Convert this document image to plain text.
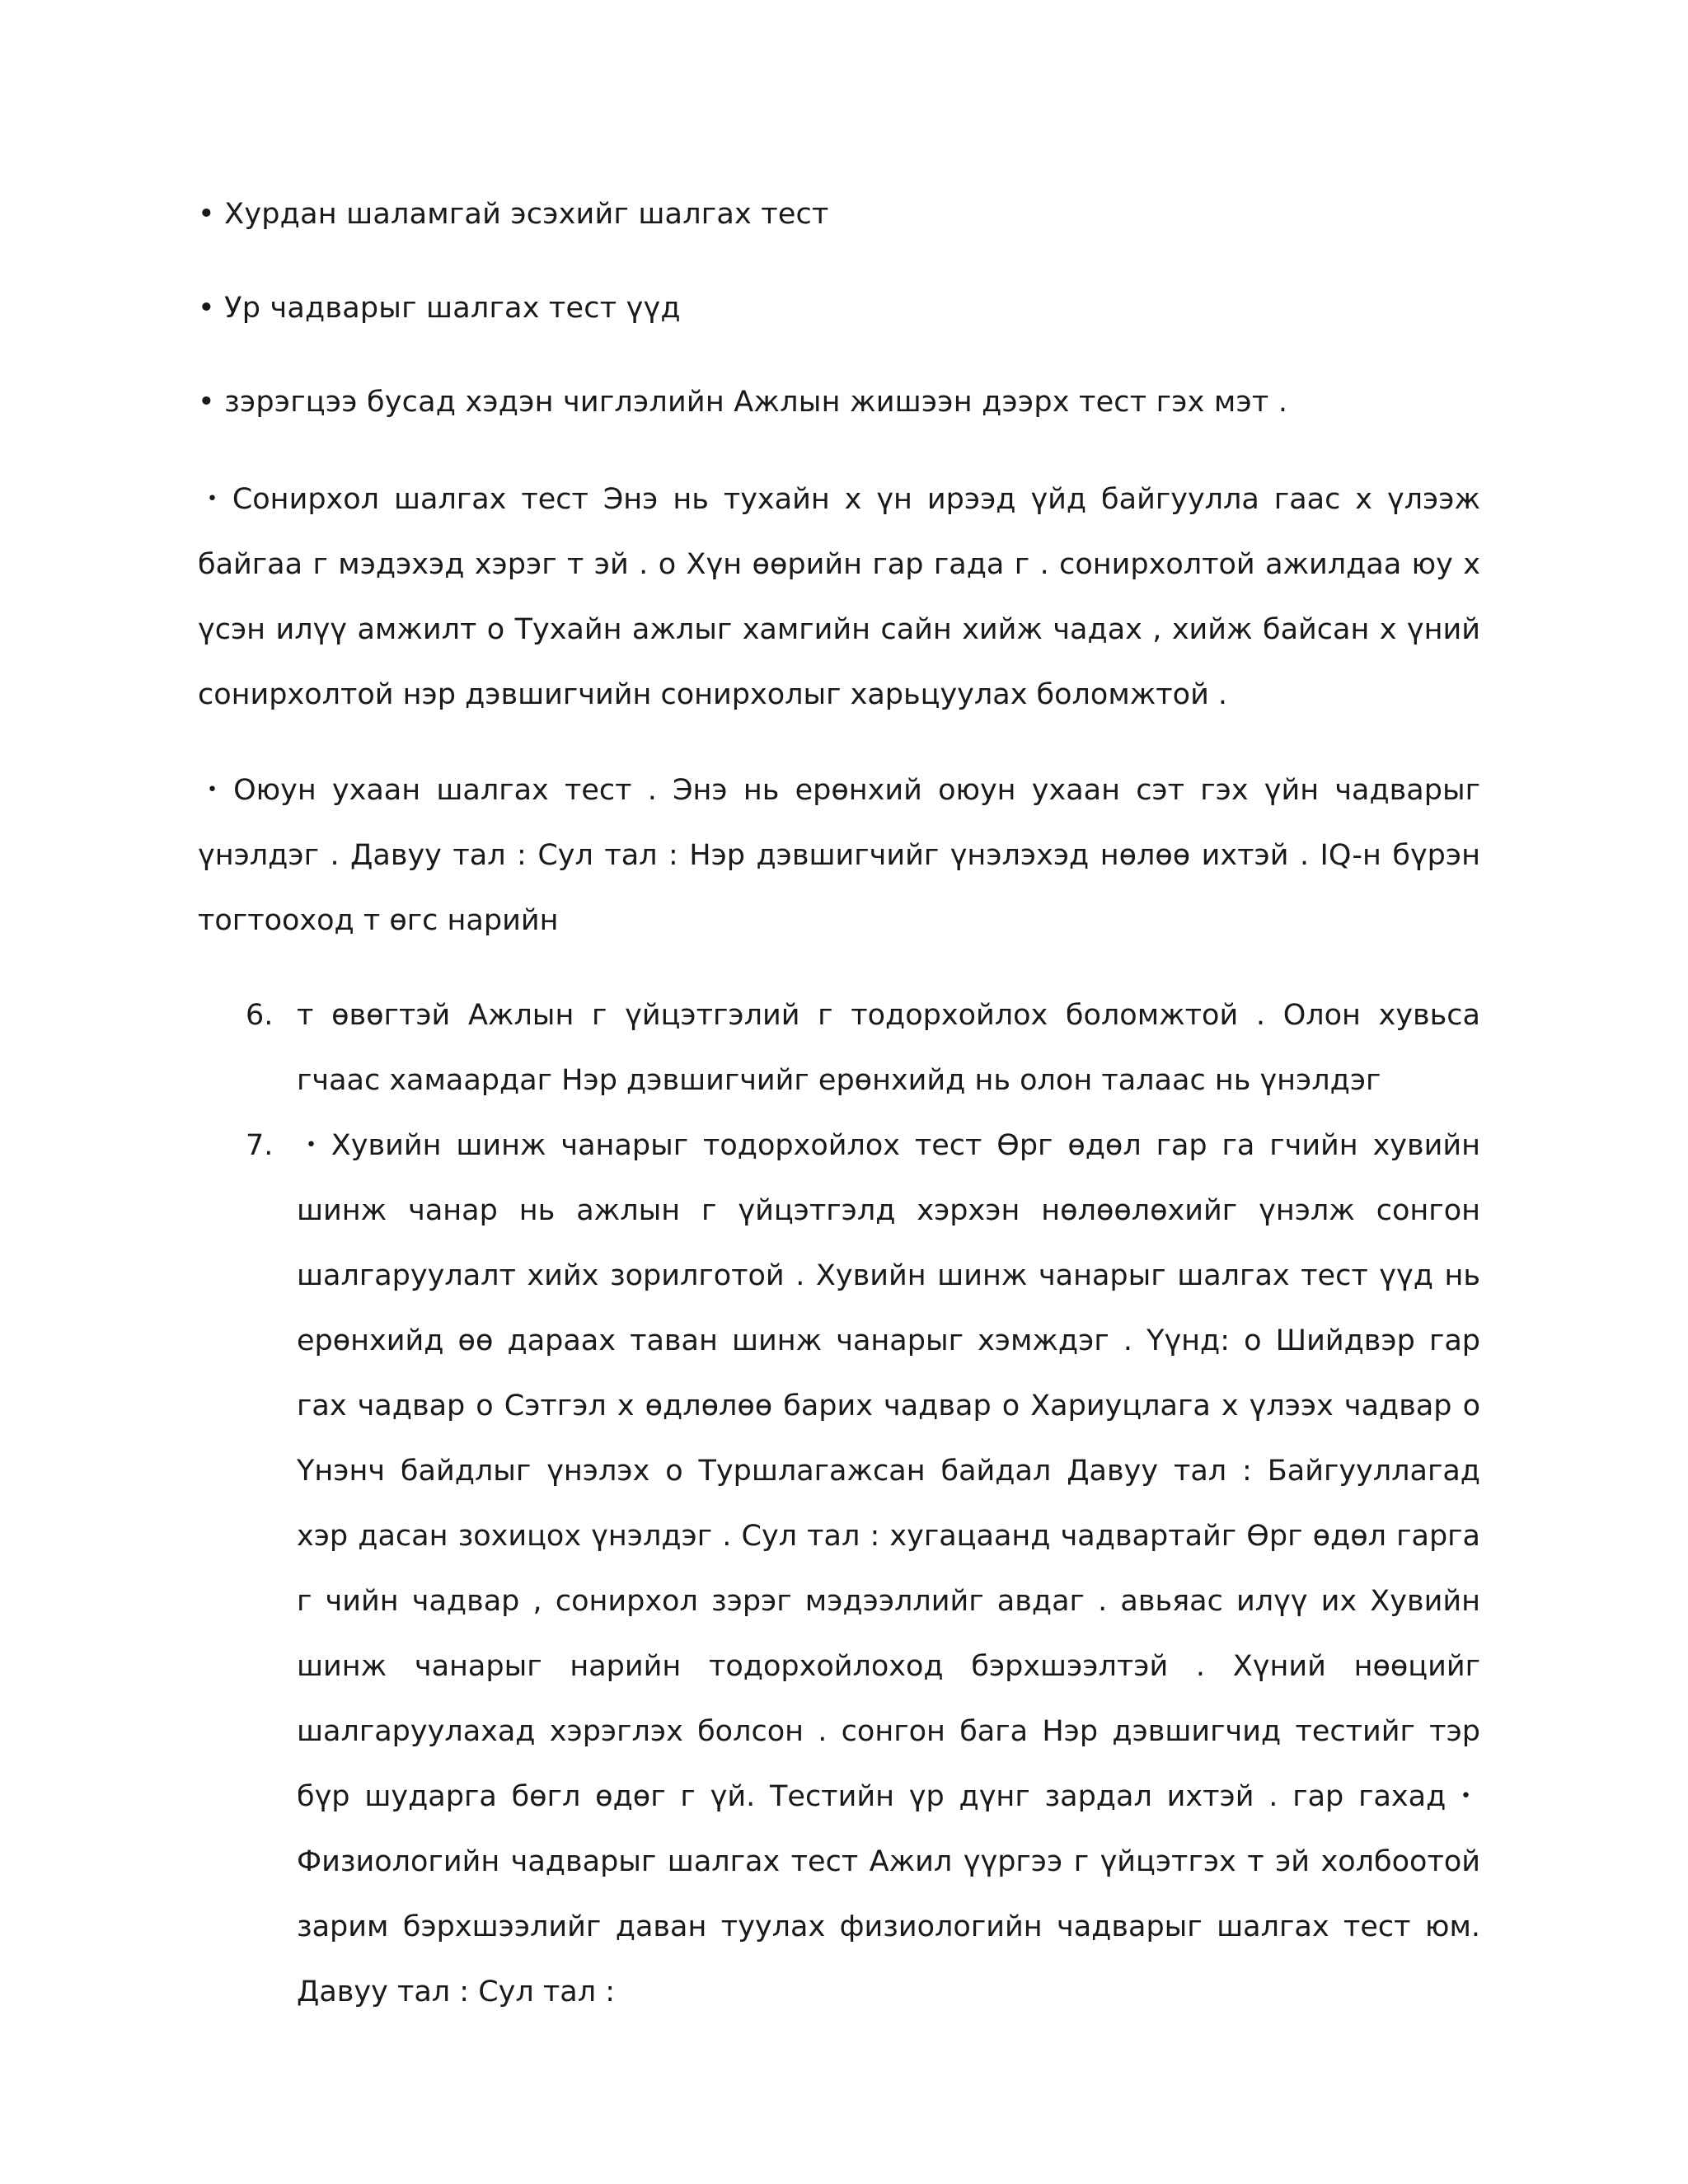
• Хурдан шаламгай эсэхийг шалгах тест
• Ур чадварыг шалгах тест үүд
• зэрэгцээ бусад хэдэн чиглэлийн Ажлын жишээн дээрх тест гэх мэт .
・Сонирхол шалгах тест Энэ нь тухайн х үн ирээд үйд байгуулла гаас х үлээж байгаа г мэдэхэд хэрэг т эй . о Хүн өөрийн гар гада г . сонирхолтой ажилдаа юу х үсэн илүү амжилт о Тухайн ажлыг хамгийн сайн хийж чадах , хийж байсан х үний сонирхолтой нэр дэвшигчийн сонирхолыг харьцуулах боломжтой .
・Оюун ухаан шалгах тест . Энэ нь ерөнхий оюун ухаан сэт гэх үйн чадварыг үнэлдэг . Давуу тал : Сул тал : Нэр дэвшигчийг үнэлэхэд нөлөө ихтэй . IQ-н бүрэн тогтооход т өгс нарийн
6. т өвөгтэй Ажлын г үйцэтгэлий г тодорхойлох боломжтой . Олон хувьса гчаас хамаардаг Нэр дэвшигчийг ерөнхийд нь олон талаас нь үнэлдэг
7. ・Хувийн шинж чанарыг тодорхойлох тест Өрг өдөл гар га гчийн хувийн шинж чанар нь ажлын г үйцэтгэлд хэрхэн нөлөөлөхийг үнэлж сонгон шалгаруулалт хийх зорилготой . Хувийн шинж чанарыг шалгах тест үүд нь ерөнхийд өө дараах таван шинж чанарыг хэмждэг . Үүнд: о Шийдвэр гар гах чадвар о Сэтгэл х өдлөлөө барих чадвар о Хариуцлага х үлээх чадвар о Үнэнч байдлыг үнэлэх о Туршлагажсан байдал Давуу тал : Байгууллагад хэр дасан зохицох үнэлдэг . Сул тал : хугацаанд чадвартайг Өрг өдөл гарга г чийн чадвар , сонирхол зэрэг мэдээллийг авдаг . авьяас илүү их Хувийн шинж чанарыг нарийн тодорхойлоход бэрхшээлтэй . Хүний нөөцийг шалгаруулахад хэрэглэх болсон . сонгон бага Нэр дэвшигчид тестийг тэр бүр шударга бөгл өдөг г үй. Тестийн үр дүнг зардал ихтэй . гар гахад・Физиологийн чадварыг шалгах тест Ажил үүргээ г үйцэтгэх т эй холбоотой зарим бэрхшээлийг даван туулах физиологийн чадварыг шалгах тест юм. Давуу тал : Сул тал :
